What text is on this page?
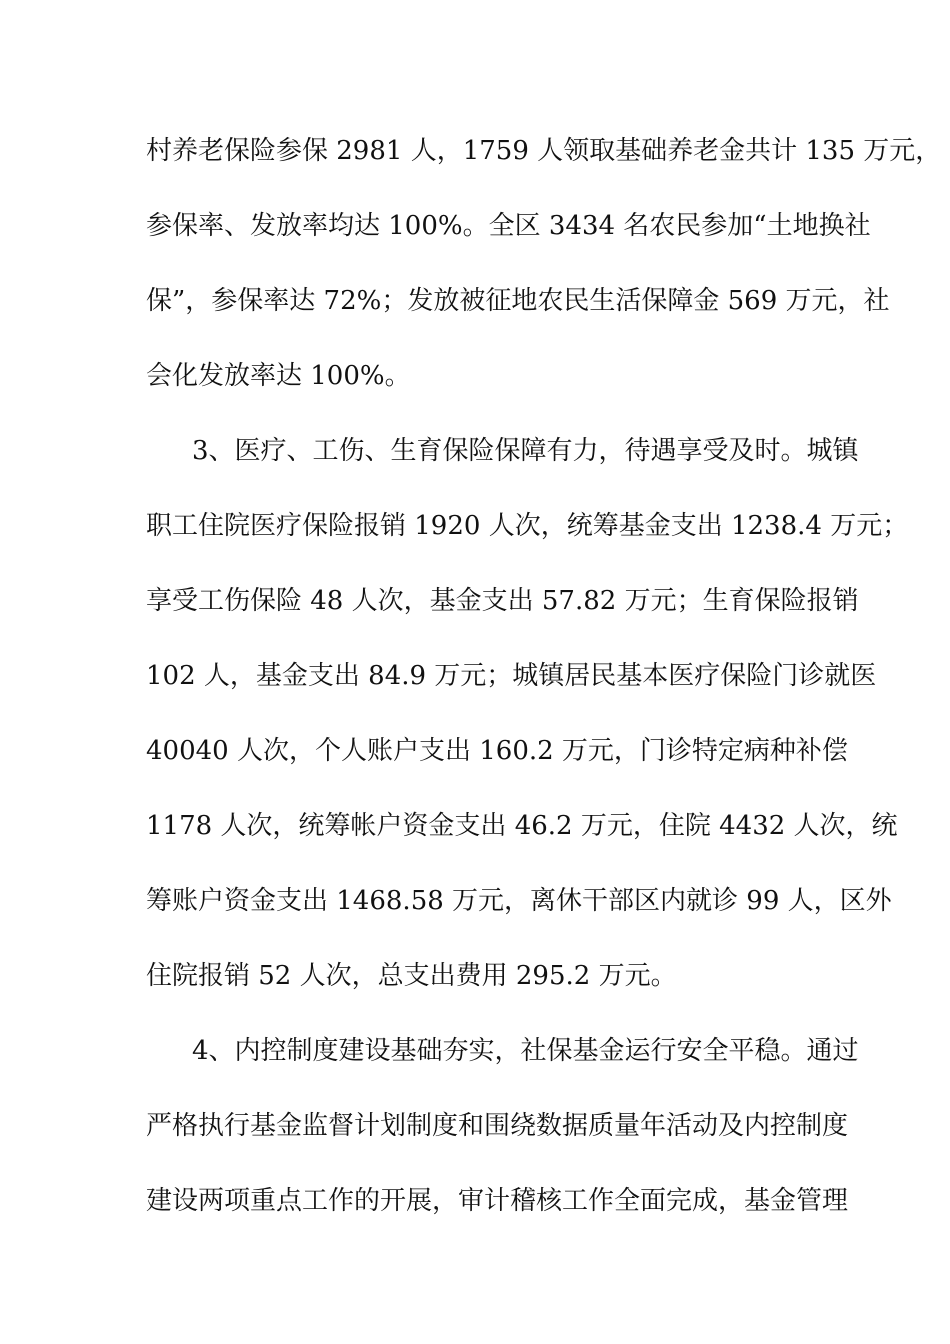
村养老保险参保 2981 人，1759 人领取基础养老金共计 135 万元，
参保率、发放率均达 100%。全区 3434 名农民参加“土地换社
保”，参保率达 72%；发放被征地农民生活保障金 569 万元，社
会化发放率达 100%。
3、医疗、工伤、生育保险保障有力，待遇享受及时。城镇
职工住院医疗保险报销 1920 人次，统筹基金支出 1238.4 万元；
享受工伤保险 48 人次，基金支出 57.82 万元；生育保险报销
102 人，基金支出 84.9 万元；城镇居民基本医疗保险门诊就医
40040 人次，个人账户支出 160.2 万元，门诊特定病种补偿
1178 人次，统筹帐户资金支出 46.2 万元，住院 4432 人次，统
筹账户资金支出 1468.58 万元，离休干部区内就诊 99 人，区外
住院报销 52 人次，总支出费用 295.2 万元。
4、内控制度建设基础夯实，社保基金运行安全平稳。通过
严格执行基金监督计划制度和围绕数据质量年活动及内控制度
建设两项重点工作的开展，审计稽核工作全面完成，基金管理
